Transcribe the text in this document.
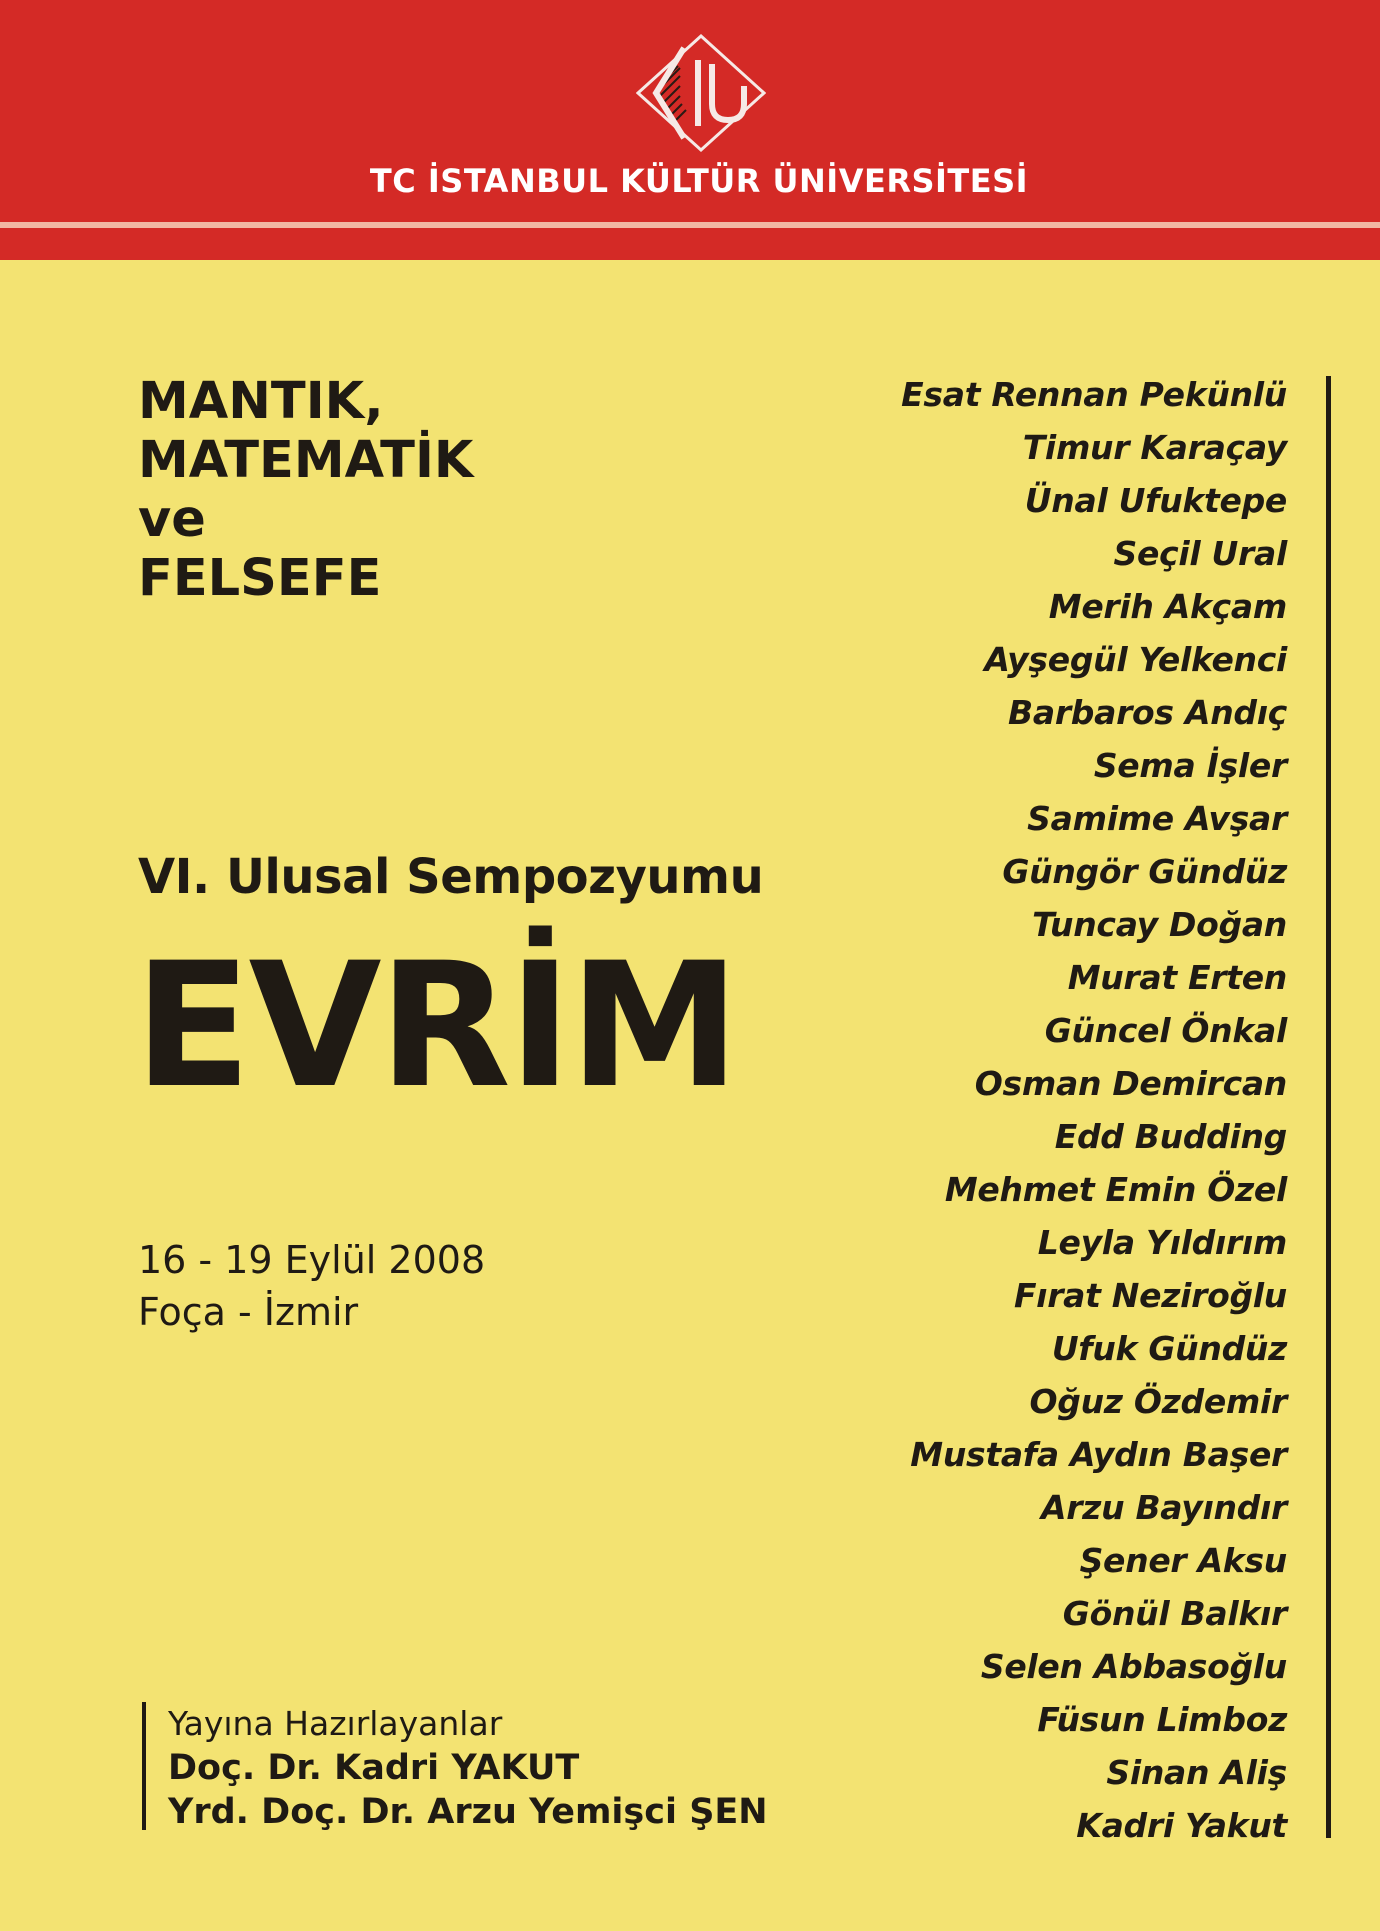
TC İSTANBUL KÜLTÜR ÜNİVERSİTESİ
MANTIK,
MATEMATİK
ve
FELSEFE
VI. Ulusal Sempozyumu
EVRİM
16 - 19 Eylül 2008
Foça - İzmir
Yayına Hazırlayanlar
Doç. Dr. Kadri YAKUT
Yrd. Doç. Dr. Arzu Yemişci ŞEN
Esat Rennan Pekünlü
Timur Karaçay
Ünal Ufuktepe
Seçil Ural
Merih Akçam
Ayşegül Yelkenci
Barbaros Andıç
Sema İşler
Samime Avşar
Güngör Gündüz
Tuncay Doğan
Murat Erten
Güncel Önkal
Osman Demircan
Edd Budding
Mehmet Emin Özel
Leyla Yıldırım
Fırat Neziroğlu
Ufuk Gündüz
Oğuz Özdemir
Mustafa Aydın Başer
Arzu Bayındır
Şener Aksu
Gönül Balkır
Selen Abbasoğlu
Füsun Limboz
Sinan Aliş
Kadri Yakut
